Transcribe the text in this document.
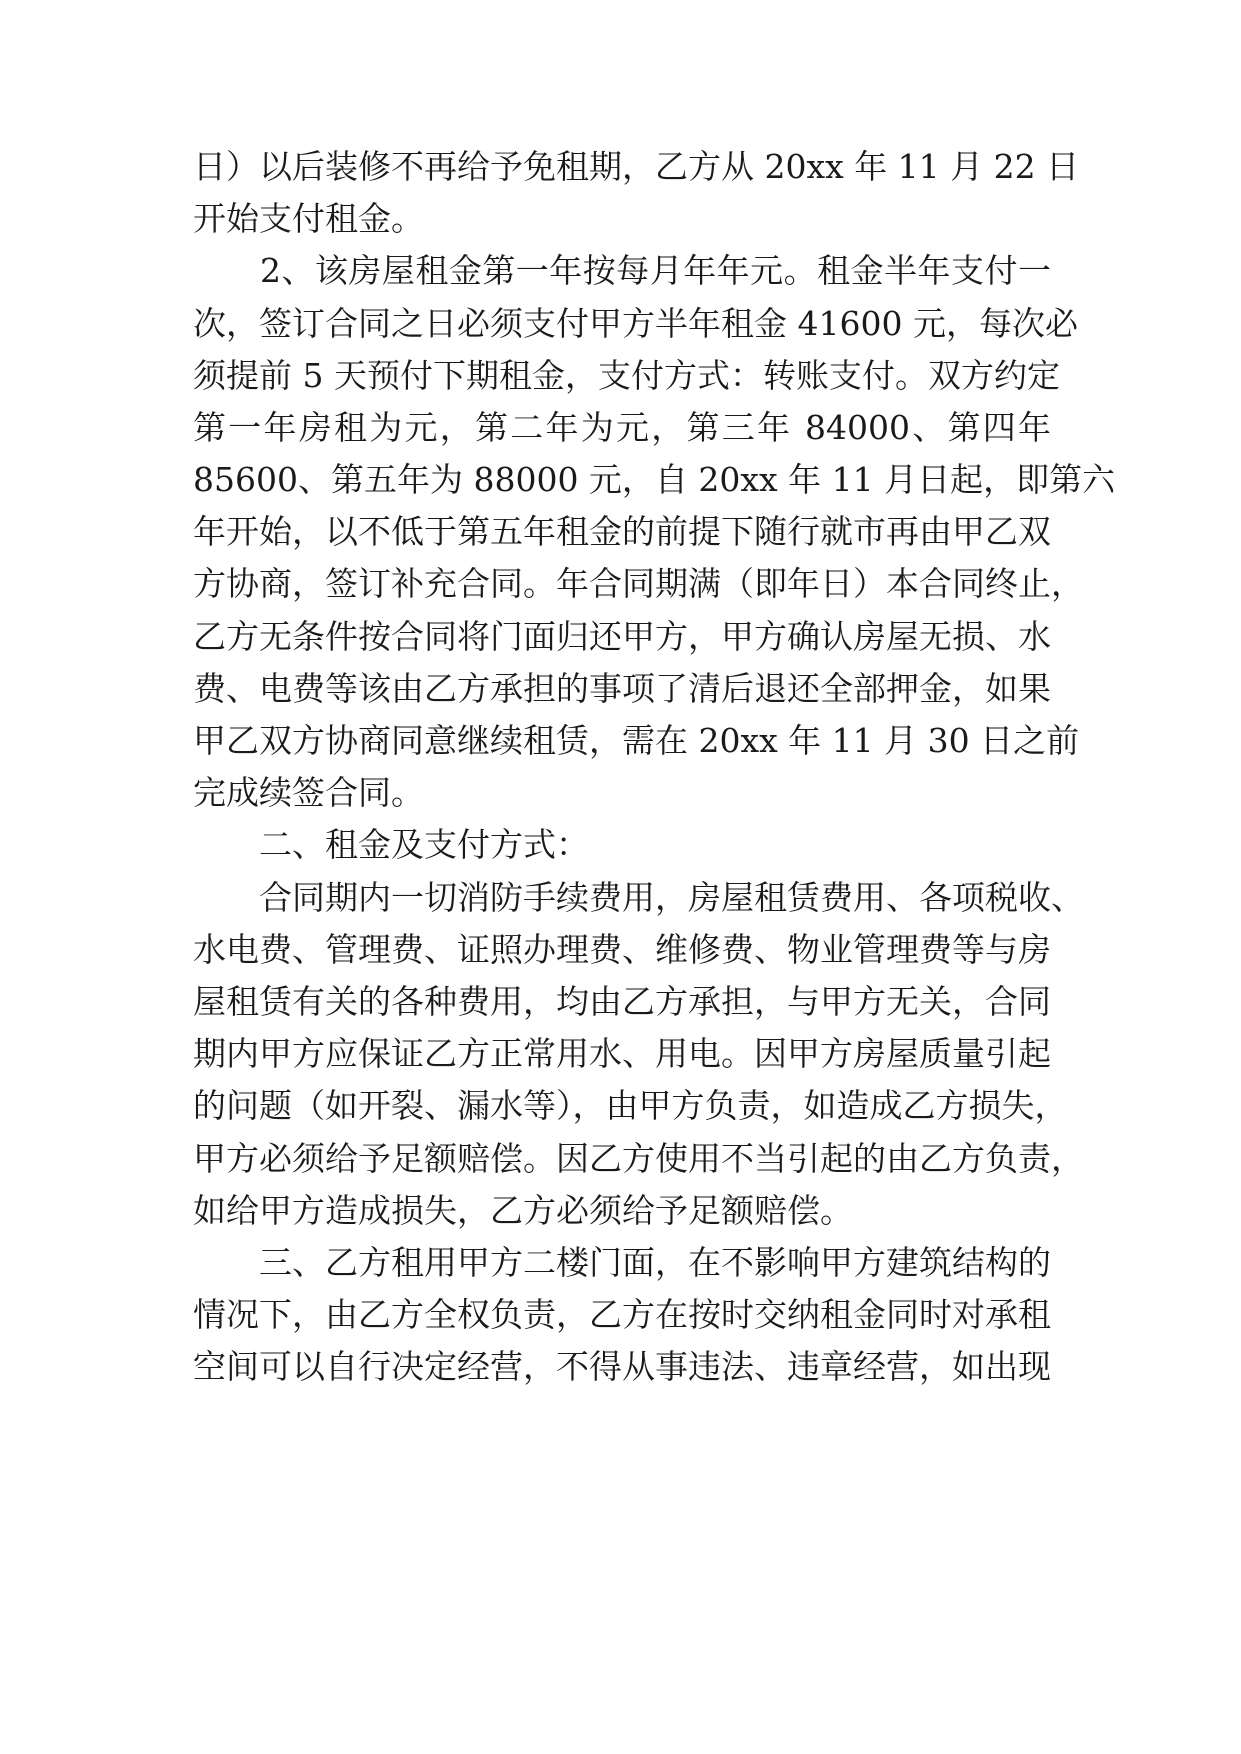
日）以后装修不再给予免租期，乙方从 20xx 年 11 月 22 日
开始支付租金。
　　2、该房屋租金第一年按每月年年元。租金半年支付一
次，签订合同之日必须支付甲方半年租金 41600 元，每次必
须提前 5 天预付下期租金，支付方式：转账支付。双方约定
第一年房租为元，第二年为元，第三年 84000、第四年
85600、第五年为 88000 元，自 20xx 年 11 月日起，即第六
年开始，以不低于第五年租金的前提下随行就市再由甲乙双
方协商，签订补充合同。年合同期满（即年日）本合同终止，
乙方无条件按合同将门面归还甲方，甲方确认房屋无损、水
费、电费等该由乙方承担的事项了清后退还全部押金，如果
甲乙双方协商同意继续租赁，需在 20xx 年 11 月 30 日之前
完成续签合同。
　　二、租金及支付方式：
　　合同期内一切消防手续费用，房屋租赁费用、各项税收、
水电费、管理费、证照办理费、维修费、物业管理费等与房
屋租赁有关的各种费用，均由乙方承担，与甲方无关，合同
期内甲方应保证乙方正常用水、用电。因甲方房屋质量引起
的问题（如开裂、漏水等），由甲方负责，如造成乙方损失，
甲方必须给予足额赔偿。因乙方使用不当引起的由乙方负责，
如给甲方造成损失，乙方必须给予足额赔偿。
　　三、乙方租用甲方二楼门面，在不影响甲方建筑结构的
情况下，由乙方全权负责，乙方在按时交纳租金同时对承租
空间可以自行决定经营，不得从事违法、违章经营，如出现
